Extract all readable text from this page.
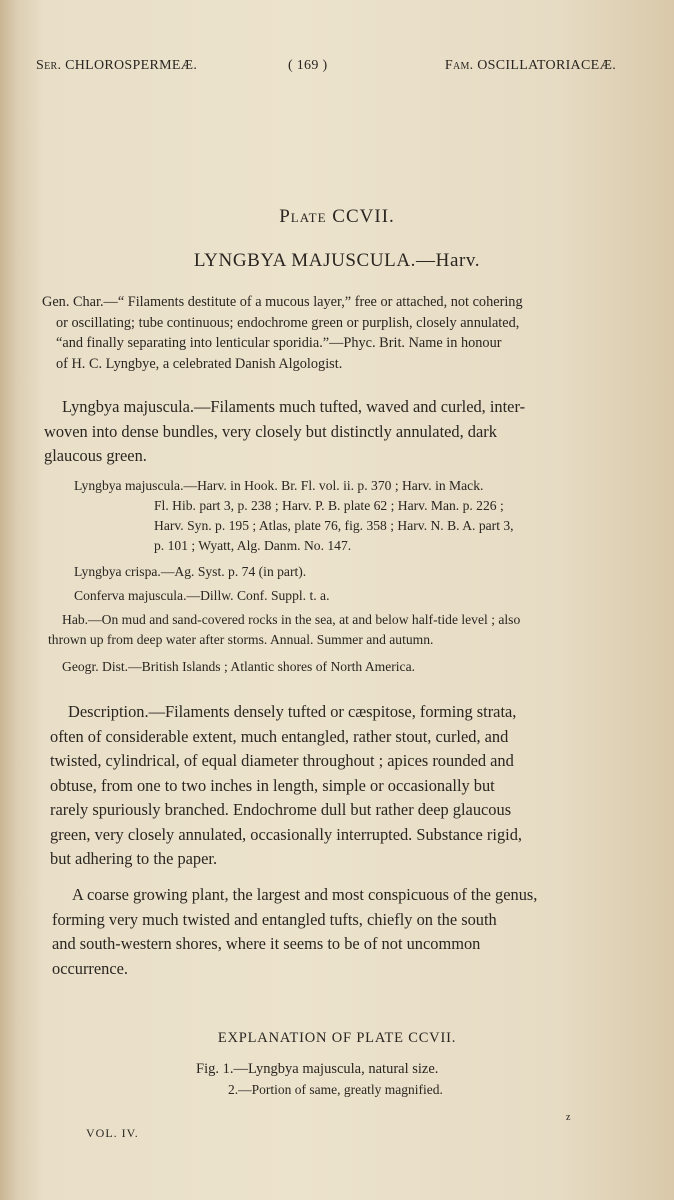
Ser. CHLOROSPERMEÆ.	( 169 )	Fam. OSCILLATORIACEÆ.
Plate CCVII.
LYNGBYA MAJUSCULA.—Harv.
Gen. Char.—“ Filaments destitute of a mucous layer,” free or attached, not cohering
or oscillating; tube continuous; endochrome green or purplish, closely annulated,
“and finally separating into lenticular sporidia.”—Phyc. Brit. Name in honour
of H. C. Lyngbye, a celebrated Danish Algologist.
Lyngbya majuscula.—Filaments much tufted, waved and curled, inter-
woven into dense bundles, very closely but distinctly annulated, dark
glaucous green.
Lyngbya majuscula.—Harv. in Hook. Br. Fl. vol. ii. p. 370 ; Harv. in Mack.
Fl. Hib. part 3, p. 238 ; Harv. P. B. plate 62 ; Harv. Man. p. 226 ;
Harv. Syn. p. 195 ; Atlas, plate 76, fig. 358 ; Harv. N. B. A. part 3,
p. 101 ; Wyatt, Alg. Danm. No. 147.
Lyngbya crispa.—Ag. Syst. p. 74 (in part).
Conferva majuscula.—Dillw. Conf. Suppl. t. a.
Hab.—On mud and sand-covered rocks in the sea, at and below half-tide level ; also
thrown up from deep water after storms. Annual. Summer and autumn.
Geogr. Dist.—British Islands ; Atlantic shores of North America.
Description.—Filaments densely tufted or cæspitose, forming strata,
often of considerable extent, much entangled, rather stout, curled, and
twisted, cylindrical, of equal diameter throughout ; apices rounded and
obtuse, from one to two inches in length, simple or occasionally but
rarely spuriously branched. Endochrome dull but rather deep glaucous
green, very closely annulated, occasionally interrupted. Substance rigid,
but adhering to the paper.
A coarse growing plant, the largest and most conspicuous of the genus,
forming very much twisted and entangled tufts, chiefly on the south
and south-western shores, where it seems to be of not uncommon
occurrence.
EXPLANATION OF PLATE CCVII.
Fig. 1.—Lyngbya majuscula, natural size.
2.—Portion of same, greatly magnified.
VOL. IV.
z
